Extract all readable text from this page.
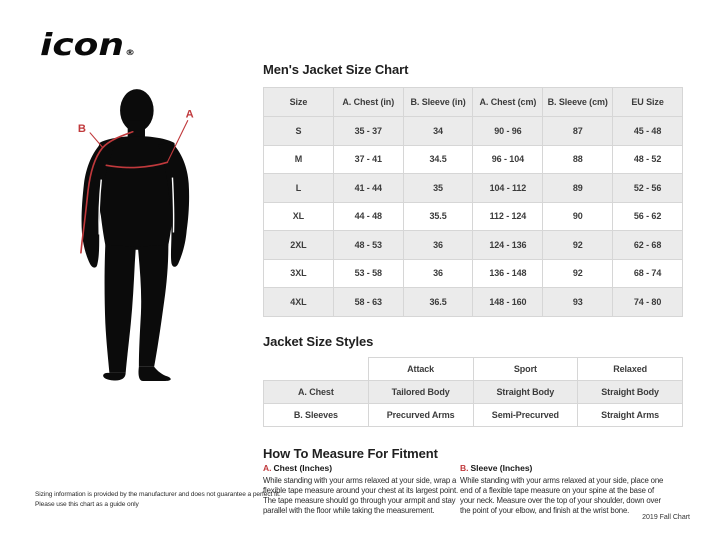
icon®
B
A
Men's Jacket Size Chart
Size	A. Chest (in)	B. Sleeve (in)	A. Chest (cm)	B. Sleeve (cm)	EU Size
S	35 - 37	34	90 - 96	87	45 - 48
M	37 - 41	34.5	96 - 104	88	48 - 52
L	41 - 44	35	104 - 112	89	52 - 56
XL	44 - 48	35.5	112 - 124	90	56 - 62
2XL	48 - 53	36	124 - 136	92	62 - 68
3XL	53 - 58	36	136 - 148	92	68 - 74
4XL	58 - 63	36.5	148 - 160	93	74 - 80
Jacket Size Styles
	Attack	Sport	Relaxed
A. Chest	Tailored Body	Straight Body	Straight Body
B. Sleeves	Precurved Arms	Semi-Precurved	Straight Arms
How To Measure For Fitment
A. Chest (Inches)

While standing with your arms relaxed at your side, wrap a flexible tape measure around your chest at its largest point. The tape measure should go through your armpit and stay parallel with the floor while taking the measurement.

B. Sleeve (Inches)

While standing with your arms relaxed at your side, place one end of a flexible tape measure on your spine at the base of your neck. Measure over the top of your shoulder, down over the point of your elbow, and finish at the wrist bone.

Sizing information is provided by the manufacturer and does not guarantee a perfect fit.
Please use this chart as a guide only
2019 Fall Chart
